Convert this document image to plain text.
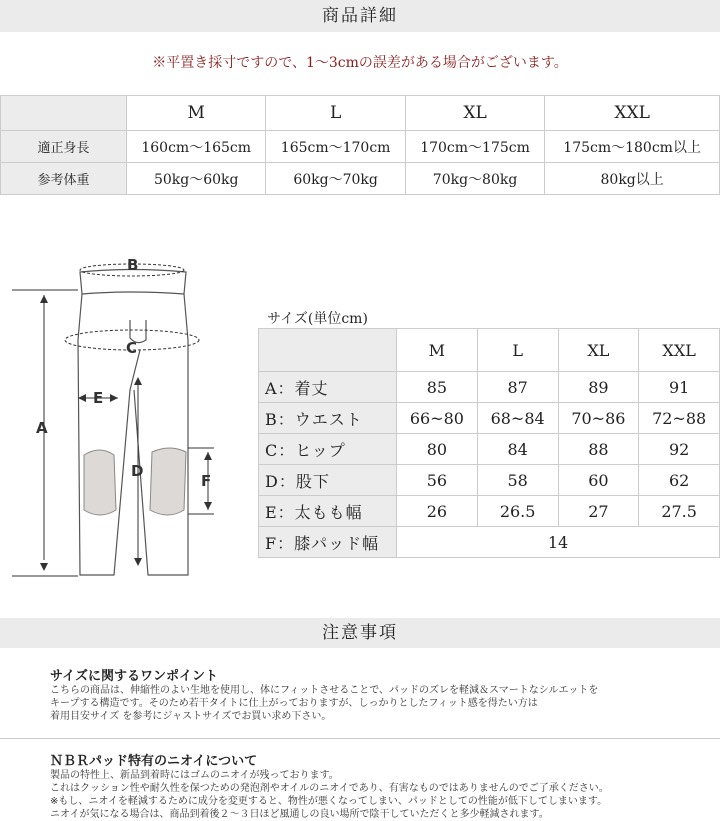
商品詳細
※平置き採寸ですので、1～3cmの誤差がある場合がございます。
	M	L	XL	XXL
適正身長	160cm～165cm	165cm～170cm	170cm～175cm	175cm～180cm以上
参考体重	50kg～60kg	60kg～70kg	70kg～80kg	80kg以上
B
C
A
E
D
F
サイズ(単位cm)
	M	L	XL	XXL
A：着丈	85	87	89	91
B：ウエスト	66~80	68~84	70~86	72~88
C：ヒップ	80	84	88	92
D：股下	56	58	60	62
E：太もも幅	26	26.5	27	27.5
F：膝パッド幅	14			
注意事項
サイズに関するワンポイント
こちらの商品は、伸縮性のよい生地を使用し、体にフィットさせることで、パッドのズレを軽減＆スマートなシルエットを
キープする構造です。そのため若干タイトに仕上がっておりますが、しっかりとしたフィット感を得たい方は
着用目安サイズ を参考にジャストサイズでお買い求め下さい。
ＮＢＲパッド特有のニオイについて
製品の特性上、新品到着時にはゴムのニオイが残っております。
これはクッション性や耐久性を保つための発泡剤やオイルのニオイであり、有害なものではありませんのでご了承ください。
※もし、ニオイを軽減するために成分を変更すると、物性が悪くなってしまい、パッドとしての性能が低下してしまいます。
ニオイが気になる場合は、商品到着後２～３日ほど風通しの良い場所で陰干していただくと多少軽減されます。
